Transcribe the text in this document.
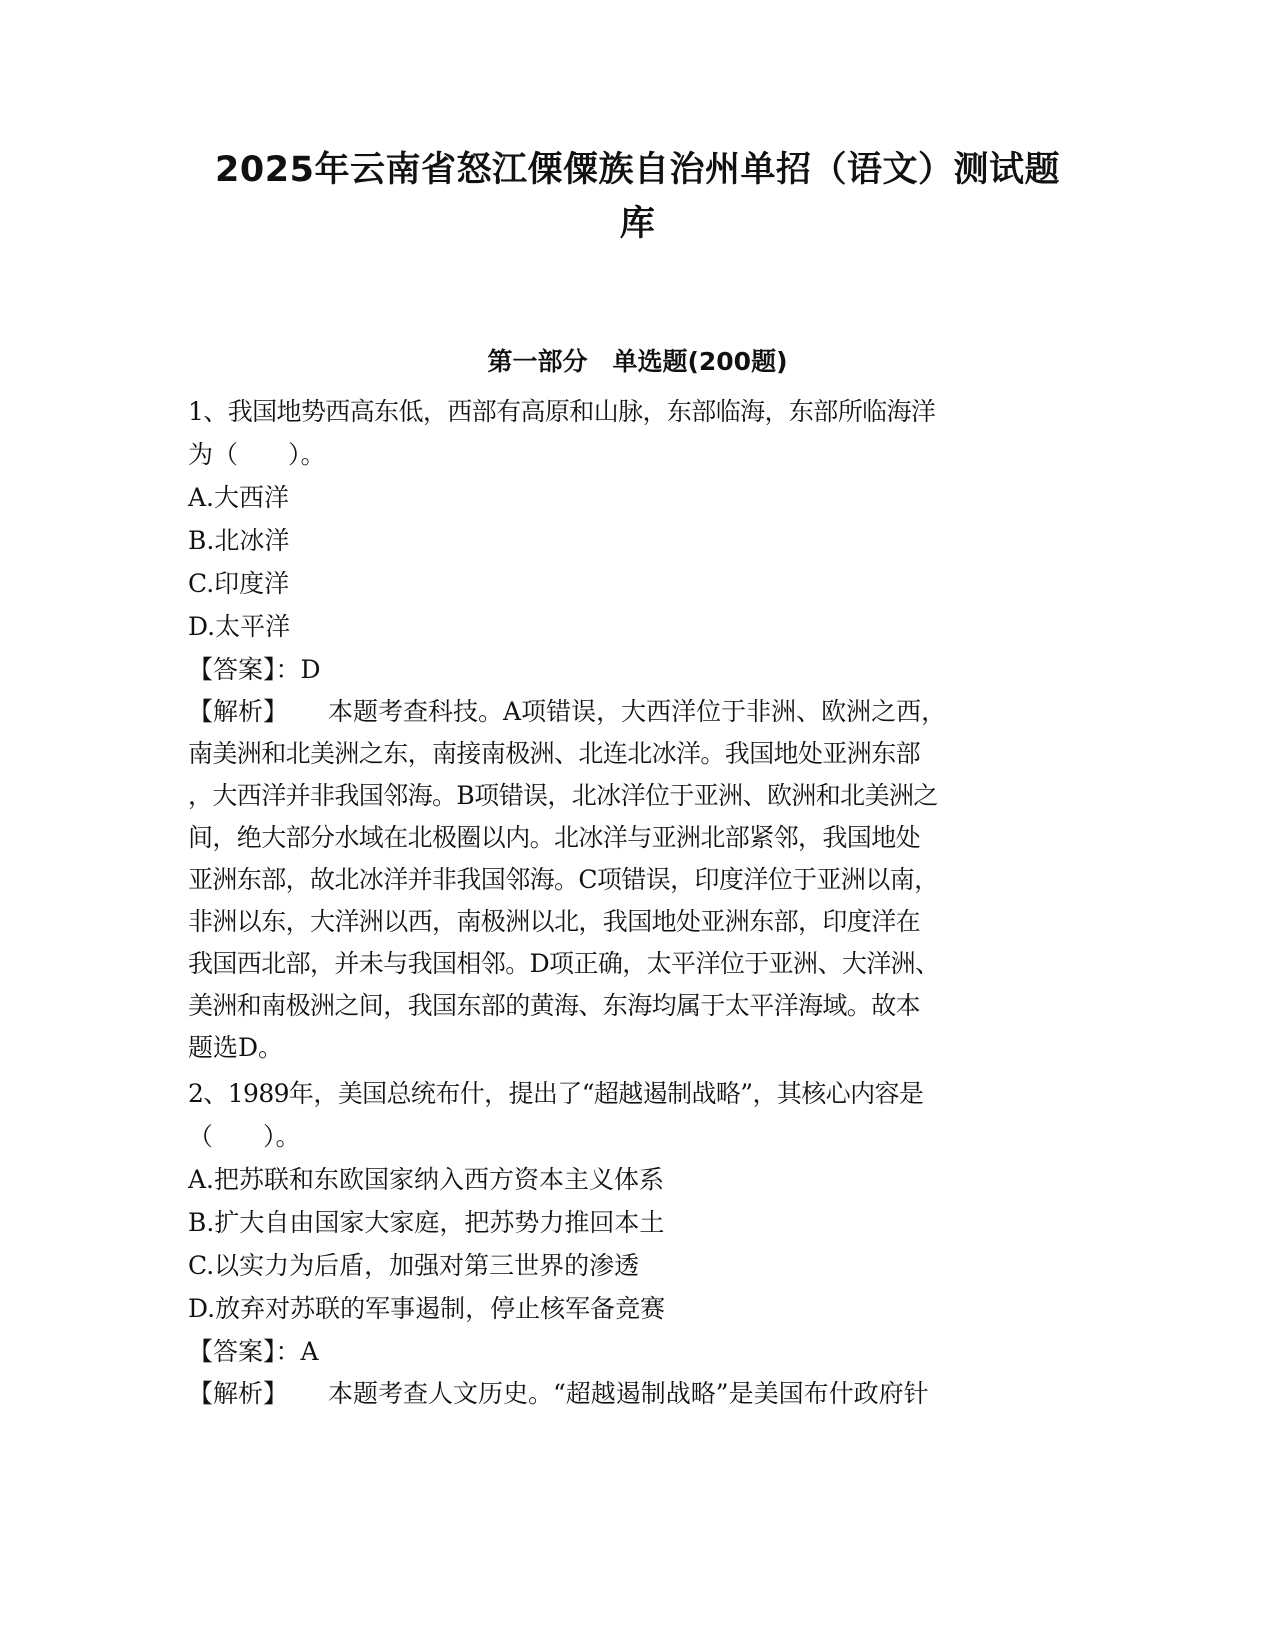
2025年云南省怒江傈僳族自治州单招（语文）测试题
库
第一部分　单选题(200题)

1、我国地势西高东低，西部有高原和山脉，东部临海，东部所临海洋

为（　　）。

A.大西洋

B.北冰洋

C.印度洋

D.太平洋

【答案】：D

【解析】 本题考查科技。A项错误，大西洋位于非洲、欧洲之西，

南美洲和北美洲之东，南接南极洲、北连北冰洋。我国地处亚洲东部

，大西洋并非我国邻海。B项错误，北冰洋位于亚洲、欧洲和北美洲之

间，绝大部分水域在北极圈以内。北冰洋与亚洲北部紧邻，我国地处

亚洲东部，故北冰洋并非我国邻海。C项错误，印度洋位于亚洲以南，

非洲以东，大洋洲以西，南极洲以北，我国地处亚洲东部，印度洋在

我国西北部，并未与我国相邻。D项正确，太平洋位于亚洲、大洋洲、

美洲和南极洲之间，我国东部的黄海、东海均属于太平洋海域。故本

题选D。

2、1989年，美国总统布什，提出了“超越遏制战略”，其核心内容是

（　　）。

A.把苏联和东欧国家纳入西方资本主义体系

B.扩大自由国家大家庭，把苏势力推回本土

C.以实力为后盾，加强对第三世界的渗透

D.放弃对苏联的军事遏制，停止核军备竞赛

【答案】：A

【解析】 本题考查人文历史。“超越遏制战略”是美国布什政府针
